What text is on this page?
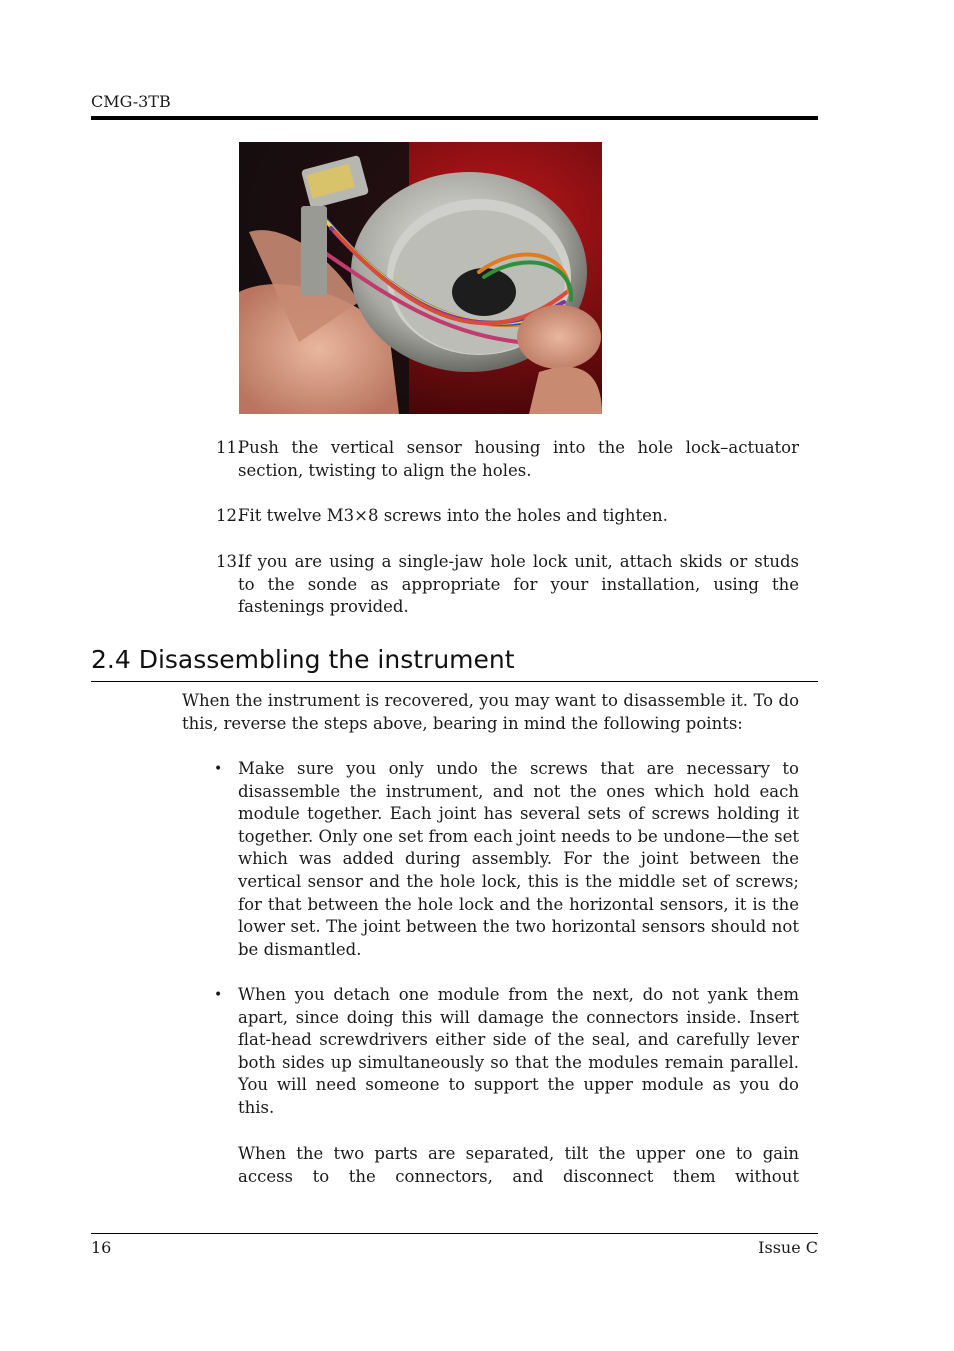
CMG-3TB
11.
Push the vertical sensor housing into the hole lock–actuator section, twisting to align the holes.
12.
Fit twelve M3×8 screws into the holes and tighten.
13.
If you are using a single-jaw hole lock unit, attach skids or studs to the sonde as appropriate for your installation, using the fastenings provided.
2.4 Disassembling the instrument
When the instrument is recovered, you may want to disassemble it. To do this, reverse the steps above, bearing in mind the following points:
• Make sure you only undo the screws that are necessary to disassemble the instrument, and not the ones which hold each module together. Each joint has several sets of screws holding it together. Only one set from each joint needs to be undone—the set which was added during assembly. For the joint between the vertical sensor and the hole lock, this is the middle set of screws; for that between the hole lock and the horizontal sensors, it is the lower set. The joint between the two horizontal sensors should not be dismantled.
• When you detach one module from the next, do not yank them apart, since doing this will damage the connectors inside. Insert flat-head screwdrivers either side of the seal, and carefully lever both sides up simultaneously so that the modules remain parallel. You will need someone to support the upper module as you do this.
When the two parts are separated, tilt the upper one to gain access to the connectors, and disconnect them without
16	Issue C
